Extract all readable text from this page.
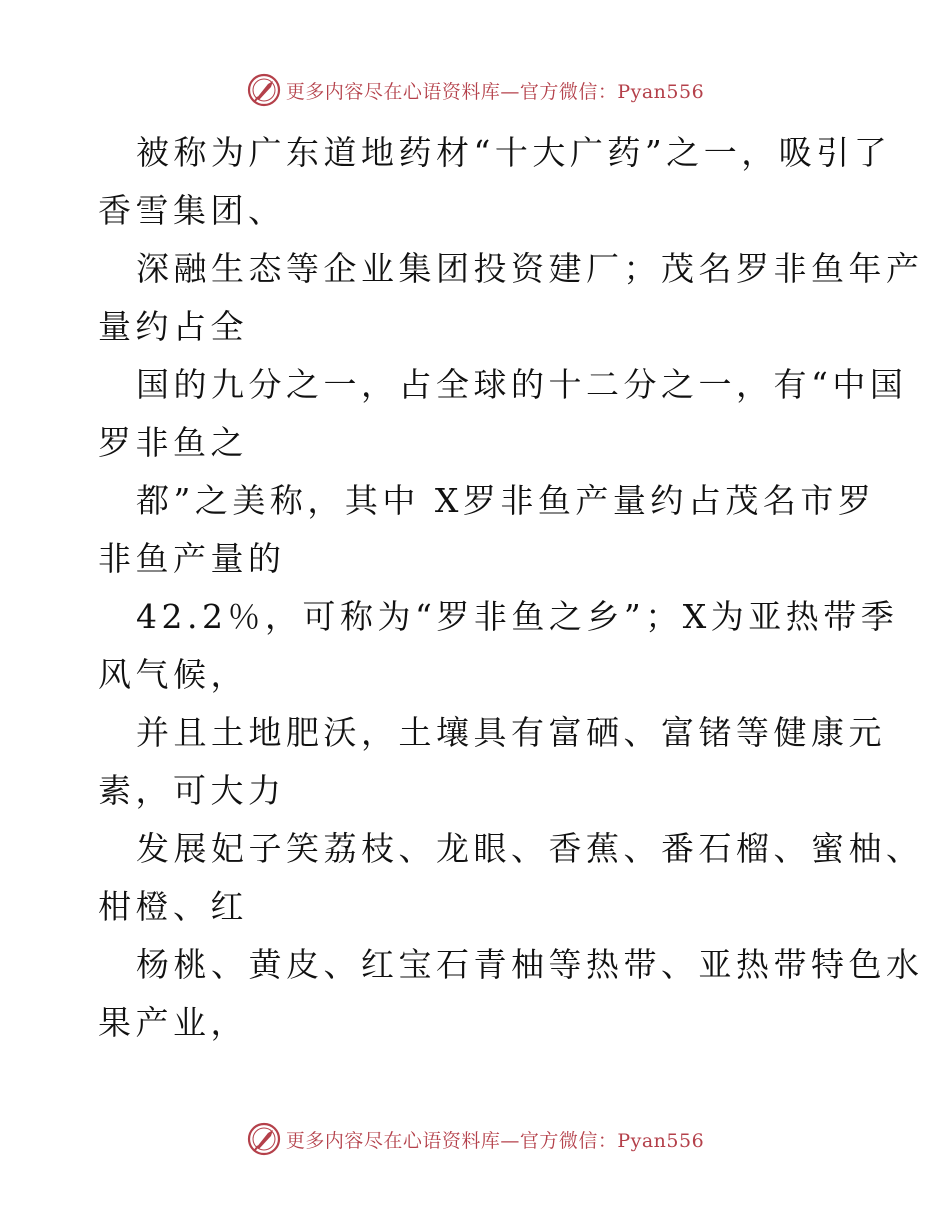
更多内容尽在心语资料库—官方微信：Pyan556
被称为广东道地药材“十大广药”之一，吸引了
香雪集团、
深融生态等企业集团投资建厂；茂名罗非鱼年产
量约占全
国的九分之一，占全球的十二分之一，有“中国
罗非鱼之
都”之美称，其中 X罗非鱼产量约占茂名市罗
非鱼产量的
42.2％，可称为“罗非鱼之乡”；X为亚热带季
风气候，
并且土地肥沃，土壤具有富硒、富锗等健康元
素，可大力
发展妃子笑荔枝、龙眼、香蕉、番石榴、蜜柚、
柑橙、红
杨桃、黄皮、红宝石青柚等热带、亚热带特色水
果产业，
更多内容尽在心语资料库—官方微信：Pyan556
